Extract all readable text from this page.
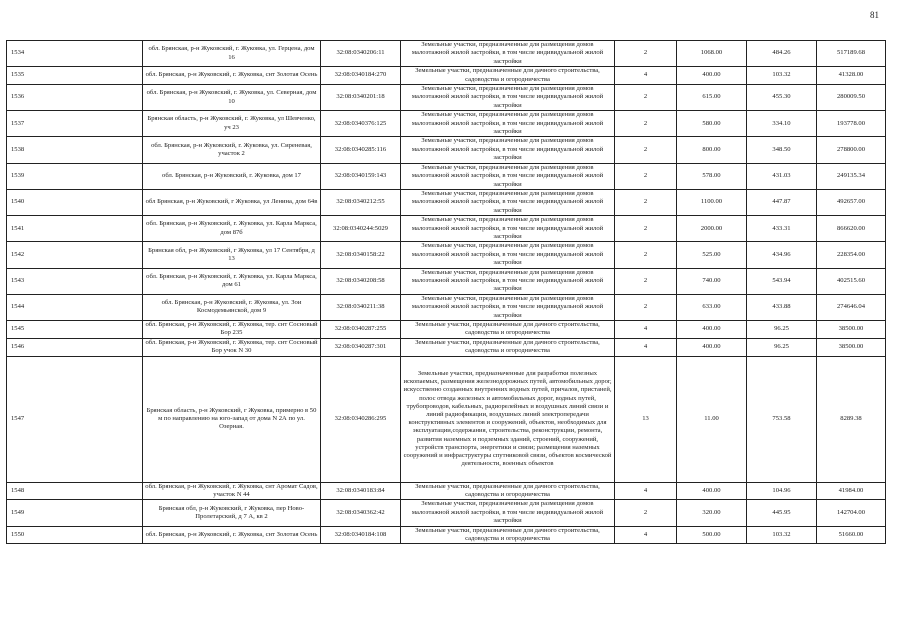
81
1534	обл. Брянская, р-н Жуковский, г. Жуковка, ул. Герцена, дом 16	32:08:0340206:11	Земельные участки, предназначенные для размещения домов малоэтажной жилой застройки, в том числе индивидуальной жилой застройки	2	1068.00	484.26	517189.68
1535	обл. Брянская, р-н Жуковский, г. Жуковка, снт Золотая Осень	32:08:0340184:270	Земельные участки, предназначенные для дачного строительства, садоводства и огородничества	4	400.00	103.32	41328.00
1536	обл. Брянская, р-н Жуковский, г. Жуковка, ул. Северная, дом 10	32:08:0340201:18	Земельные участки, предназначенные для размещения домов малоэтажной жилой застройки, в том числе индивидуальной жилой застройки	2	615.00	455.30	280009.50
1537	Брянская область, р-н Жуковский, г. Жуковка, ул Шевченко, уч 23	32:08:0340376:125	Земельные участки, предназначенные для размещения домов малоэтажной жилой застройки, в том числе индивидуальной жилой застройки	2	580.00	334.10	193778.00
1538	обл. Брянская, р-н Жуковский, г. Жуковка, ул. Сиреневая, участок 2	32:08:0340285:116	Земельные участки, предназначенные для размещения домов малоэтажной жилой застройки, в том числе индивидуальной жилой застройки	2	800.00	348.50	278800.00
1539	обл. Брянская, р-н Жуковский, г. Жуковка, дом 17	32:08:0340159:143	Земельные участки, предназначенные для размещения домов малоэтажной жилой застройки, в том числе индивидуальной жилой застройки	2	578.00	431.03	249135.34
1540	обл Брянская, р-н Жуковский, г Жуковка, ул Ленина, дом 64в	32:08:0340212:55	Земельные участки, предназначенные для размещения домов малоэтажной жилой застройки, в том числе индивидуальной жилой застройки	2	1100.00	447.87	492657.00
1541	обл. Брянская, р-н Жуковский, г. Жуковка, ул. Карла Маркса, дом 87б	32:08:0340244:5029	Земельные участки, предназначенные для размещения домов малоэтажной жилой застройки, в том числе индивидуальной жилой застройки	2	2000.00	433.31	866620.00
1542	Брянская обл, р-н Жуковский, г Жуковка, ул 17 Сентября, д 13	32:08:0340158:22	Земельные участки, предназначенные для размещения домов малоэтажной жилой застройки, в том числе индивидуальной жилой застройки	2	525.00	434.96	228354.00
1543	обл. Брянская, р-н Жуковский, г. Жуковка, ул. Карла Маркса, дом 61	32:08:0340208:58	Земельные участки, предназначенные для размещения домов малоэтажной жилой застройки, в том числе индивидуальной жилой застройки	2	740.00	543.94	402515.60
1544	обл. Брянская, р-н Жуковский, г. Жуковка, ул. Зои Космодемьянской, дом 9	32:08:0340211:38	Земельные участки, предназначенные для размещения домов малоэтажной жилой застройки, в том числе индивидуальной жилой застройки	2	633.00	433.88	274646.04
1545	обл. Брянская, р-н Жуковский, г. Жуковка, тер. снт Сосновый Бор 235	32:08:0340287:255	Земельные участки, предназначенные для дачного строительства, садоводства и огородничества	4	400.00	96.25	38500.00
1546	обл. Брянская, р-н Жуковский, г. Жуковка, тер. снт Сосновый Бор учок N 30	32:08:0340287:301	Земельные участки, предназначенные для дачного строительства, садоводства и огородничества	4	400.00	96.25	38500.00
1547	Брянская область, р-н Жуковский, г Жуковка, примерно в 50 м по направлению на юго-запад от дома N 2А по ул. Озерная.	32:08:0340286:295	Земельные участки, предназначенные для разработки полезных ископаемых, размещения железнодорожных путей, автомобильных дорог, искусственно созданных внутренних водных путей, причалов, пристаней, полос отвода железных и автомобильных дорог, водных путей, трубопроводов, кабельных, радиорелейных и воздушных линий связи и линий радиофикации, воздушных линий электропередачи конструктивных элементов и сооружений, объектов, необходимых для эксплуатации,содержания, строительства, реконструкции, ремонта, развития наземных и подземных зданий, строений, сооружений, устройств транспорта, энергетики и связи; размещения наземных сооружений и инфраструктуры спутниковой связи, объектов космической деятельности, военных объектов	13	11.00	753.58	8289.38
1548	обл. Брянская, р-н Жуковский, г. Жуковка, снт Аромат Садов, участок N 44	32:08:0340183:84	Земельные участки, предназначенные для дачного строительства, садоводства и огородничества	4	400.00	104.96	41984.00
1549	Брянская обл, р-н Жуковский, г Жуковка, пер Ново-Пролетарский, д 7 А, кв 2	32:08:0340362:42	Земельные участки, предназначенные для размещения домов малоэтажной жилой застройки, в том числе индивидуальной жилой застройки	2	320.00	445.95	142704.00
1550	обл. Брянская, р-н Жуковский, г. Жуковка, снт Золотая Осень	32:08:0340184:108	Земельные участки, предназначенные для дачного строительства, садоводства и огородничества	4	500.00	103.32	51660.00
